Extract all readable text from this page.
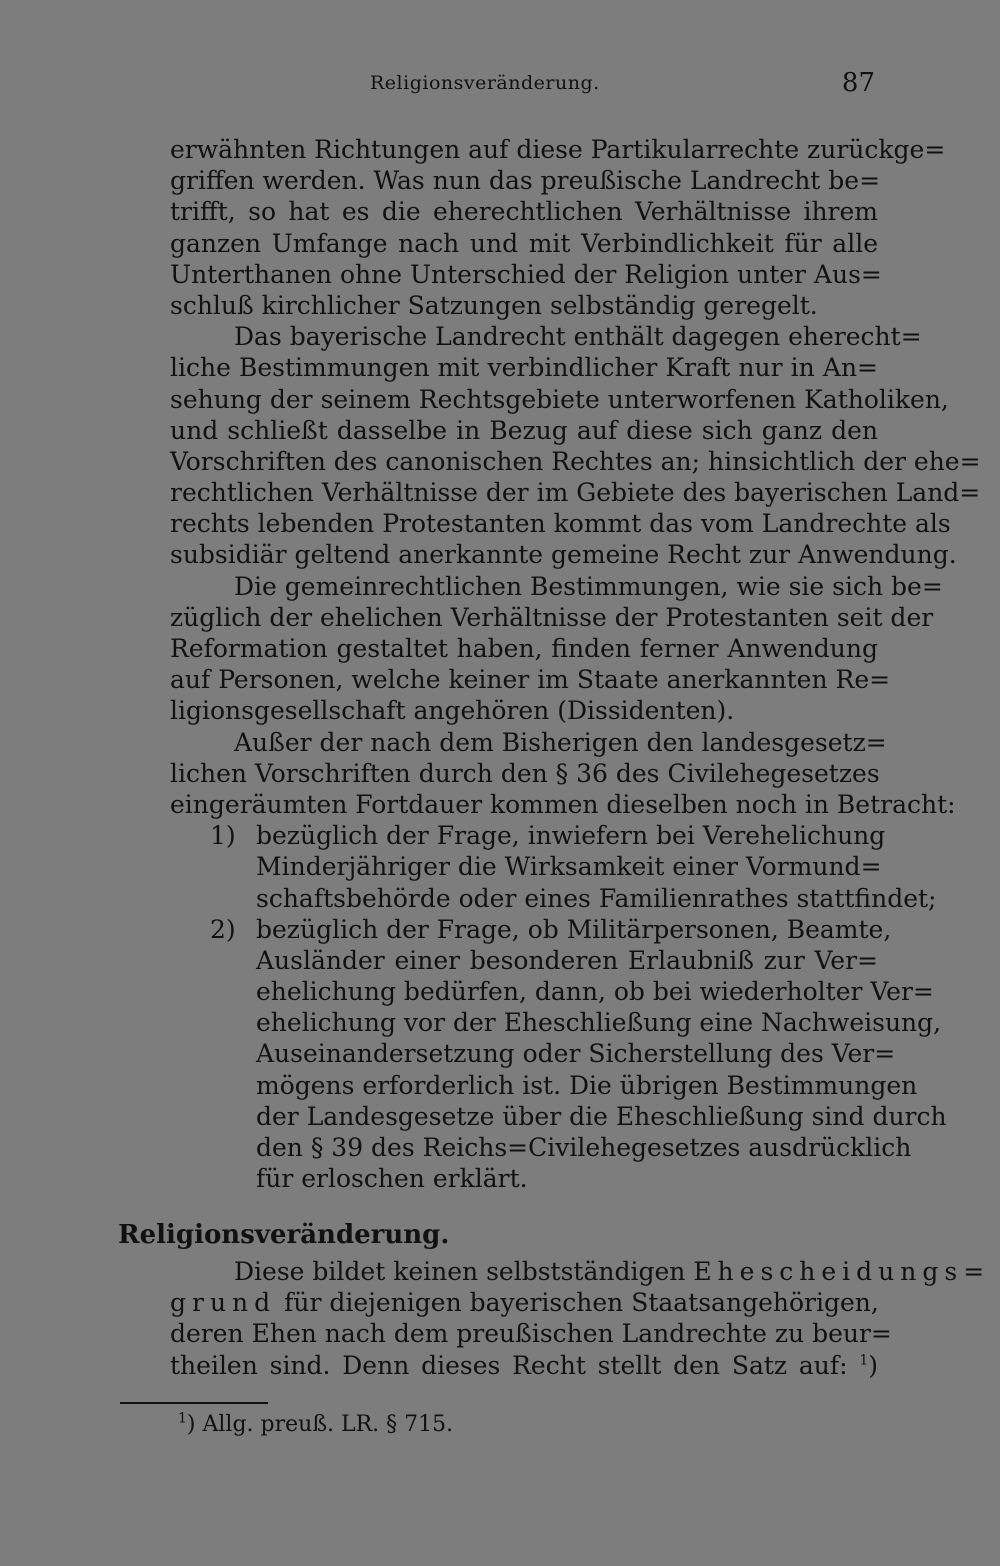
Religionsveränderung.	87
erwähnten Richtungen auf diese Partikularrechte zurückge=
griffen werden. Was nun das preußische Landrecht be=
trifft, so hat es die eherechtlichen Verhältnisse ihrem
ganzen Umfange nach und mit Verbindlichkeit für alle
Unterthanen ohne Unterschied der Religion unter Aus=
schluß kirchlicher Satzungen selbständig geregelt.
Das bayerische Landrecht enthält dagegen eherecht=
liche Bestimmungen mit verbindlicher Kraft nur in An=
sehung der seinem Rechtsgebiete unterworfenen Katholiken,
und schließt dasselbe in Bezug auf diese sich ganz den
Vorschriften des canonischen Rechtes an; hinsichtlich der ehe=
rechtlichen Verhältnisse der im Gebiete des bayerischen Land=
rechts lebenden Protestanten kommt das vom Landrechte als
subsidiär geltend anerkannte gemeine Recht zur Anwendung.
Die gemeinrechtlichen Bestimmungen, wie sie sich be=
züglich der ehelichen Verhältnisse der Protestanten seit der
Reformation gestaltet haben, finden ferner Anwendung
auf Personen, welche keiner im Staate anerkannten Re=
ligionsgesellschaft angehören (Dissidenten).
Außer der nach dem Bisherigen den landesgesetz=
lichen Vorschriften durch den § 36 des Civilehegesetzes
eingeräumten Fortdauer kommen dieselben noch in Betracht:
1) bezüglich der Frage, inwiefern bei Verehelichung
Minderjähriger die Wirksamkeit einer Vormund=
schaftsbehörde oder eines Familienrathes stattfindet;
2) bezüglich der Frage, ob Militärpersonen, Beamte,
Ausländer einer besonderen Erlaubniß zur Ver=
ehelichung bedürfen, dann, ob bei wiederholter Ver=
ehelichung vor der Eheschließung eine Nachweisung,
Auseinandersetzung oder Sicherstellung des Ver=
mögens erforderlich ist. Die übrigen Bestimmungen
der Landesgesetze über die Eheschließung sind durch
den § 39 des Reichs=Civilehegesetzes ausdrücklich
für erloschen erklärt.
Religionsveränderung.
Diese bildet keinen selbstständigen Ehescheidungs=
grund für diejenigen bayerischen Staatsangehörigen,
deren Ehen nach dem preußischen Landrechte zu beur=
theilen sind. Denn dieses Recht stellt den Satz auf: $^1$)
$^1$) Allg. preuß. LR. § 715.
